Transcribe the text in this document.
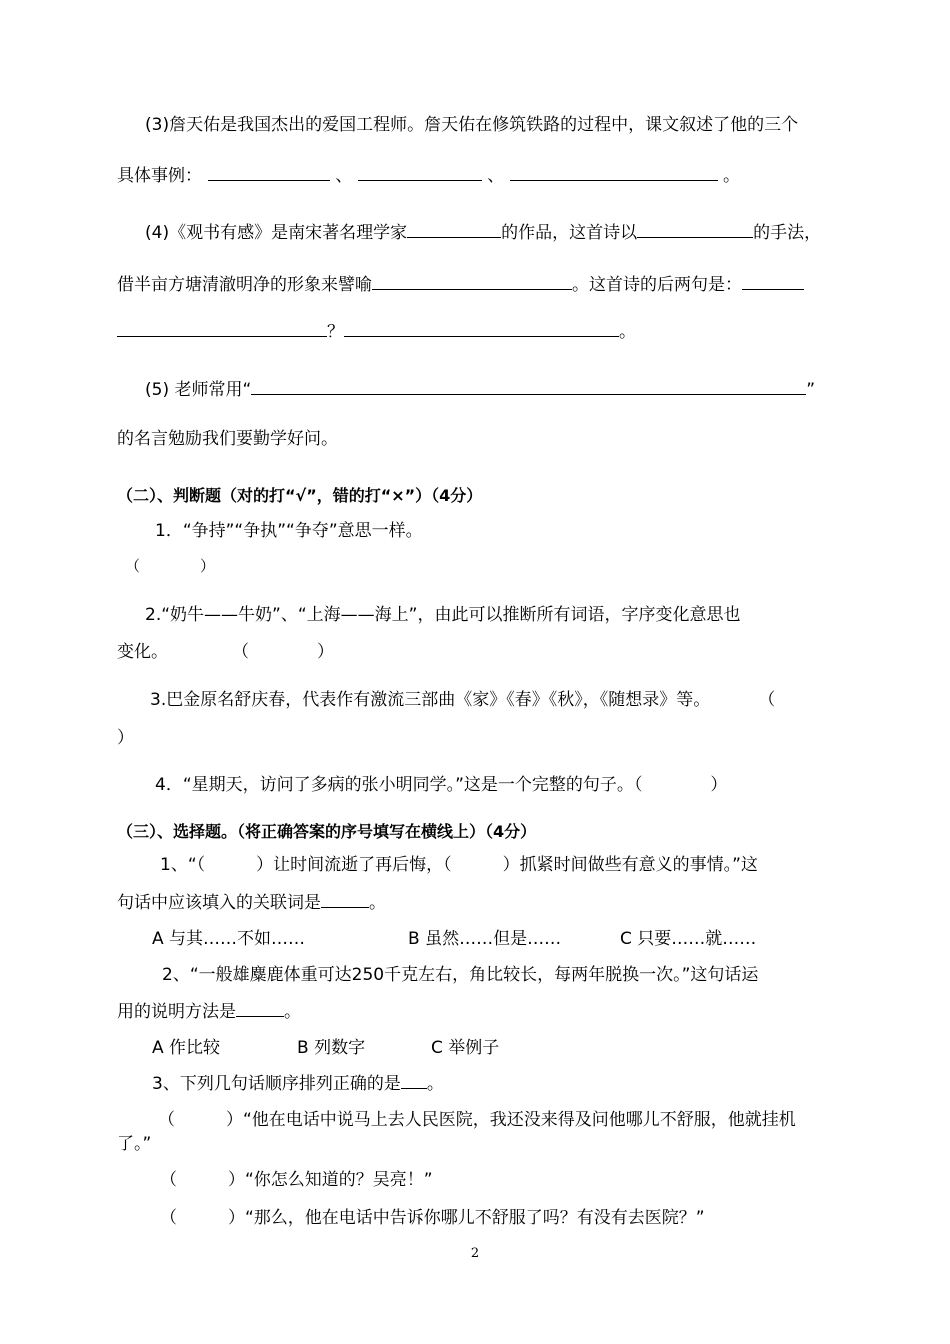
(3)詹天佑是我国杰出的爱国工程师。詹天佑在修筑铁路的过程中，课文叙述了他的三个
具体事例：	、	、	。
(4)《观书有感》是南宋著名理学家	的作品，这首诗以	的手法，
借半亩方塘清澈明净的形象来譬喻	。这首诗的后两句是：
？	。
(5) 老师常用“	”
的名言勉励我们要勤学好问。
（二）、判断题（对的打“√”，错的打“×”）（4分）
1．“争持”“争执”“争夺”意思一样。
（　　　　）
2.“奶牛——牛奶”、“上海——海上”，由此可以推断所有词语，字序变化意思也
变化。	（　　　　）
3.巴金原名舒庆春，代表作有激流三部曲《家》《春》《秋》，《随想录》等。	（
）
4．“星期天，访问了多病的张小明同学。”这是一个完整的句子。（　　　　）
（三）、选择题。（将正确答案的序号填写在横线上）（4分）
1、“（　　　）让时间流逝了再后悔，（　　　）抓紧时间做些有意义的事情。”这
句话中应该填入的关联词是	。
A 与其……不如……	B 虽然……但是……	C 只要……就……
2、“一般雄麋鹿体重可达250千克左右，角比较长，每两年脱换一次。”这句话运
用的说明方法是	。
A 作比较	B 列数字	C 举例子
3、下列几句话顺序排列正确的是 。
（　　　）“他在电话中说马上去人民医院，我还没来得及问他哪儿不舒服，他就挂机
了。”
（　　　）“你怎么知道的？吴亮！”
（　　　）“那么，他在电话中告诉你哪儿不舒服了吗？有没有去医院？”
2
